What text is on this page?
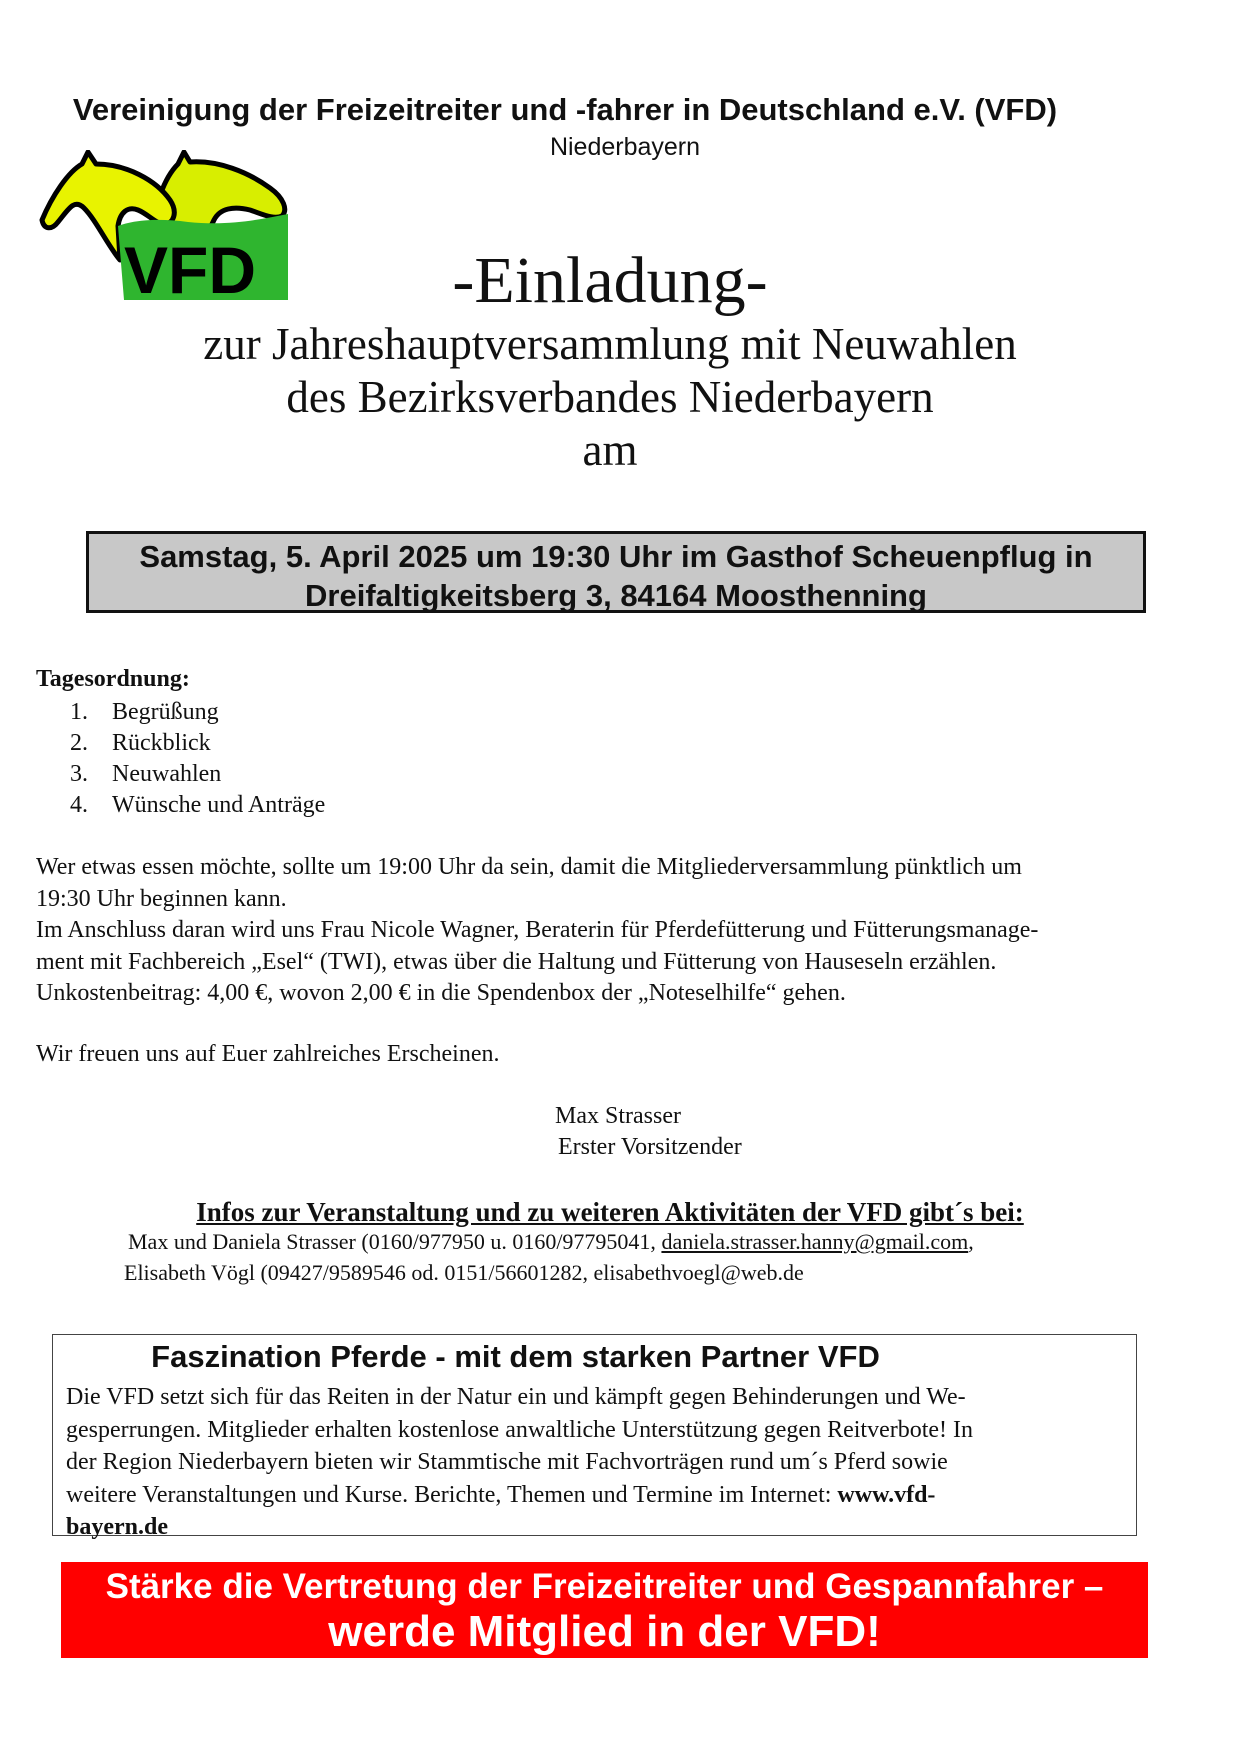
Vereinigung der Freizeitreiter und -fahrer in Deutschland e.V. (VFD)
Niederbayern
VFD	-Einladung-
zur Jahreshauptversammlung mit Neuwahlen
des Bezirksverbandes Niederbayern
am
Samstag, 5. April 2025 um 19:30 Uhr im Gasthof Scheuenpflug in
Dreifaltigkeitsberg 3, 84164 Moosthenning
Tagesordnung:
1.	Begrüßung
2.	Rückblick
3.	Neuwahlen
4.	Wünsche und Anträge

Wer etwas essen möchte, sollte um 19:00 Uhr da sein, damit die Mitgliederversammlung pünktlich um

19:30 Uhr beginnen kann.

Im Anschluss daran wird uns Frau Nicole Wagner, Beraterin für Pferdefütterung und Fütterungsmanage-

ment mit Fachbereich „Esel“ (TWI), etwas über die Haltung und Fütterung von Hauseseln erzählen.

Unkostenbeitrag: 4,00 €, wovon 2,00 € in die Spendenbox der „Noteselhilfe“ gehen.

Wir freuen uns auf Euer zahlreiches Erscheinen.
Max Strasser
Erster Vorsitzender
Infos zur Veranstaltung und zu weiteren Aktivitäten der VFD gibt´s bei:
Max und Daniela Strasser (0160/977950 u. 0160/97795041, daniela.strasser.hanny@gmail.com,
Elisabeth Vögl (09427/9589546 od. 0151/56601282, elisabethvoegl@web.de
Faszination Pferde - mit dem starken Partner VFD
Die VFD setzt sich für das Reiten in der Natur ein und kämpft gegen Behinderungen und We-
gesperrungen. Mitglieder erhalten kostenlose anwaltliche Unterstützung gegen Reitverbote! In
der Region Niederbayern bieten wir Stammtische mit Fachvorträgen rund um´s Pferd sowie
weitere Veranstaltungen und Kurse. Berichte, Themen und Termine im Internet: www.vfd-
bayern.de
Stärke die Vertretung der Freizeitreiter und Gespannfahrer –
werde Mitglied in der VFD!
